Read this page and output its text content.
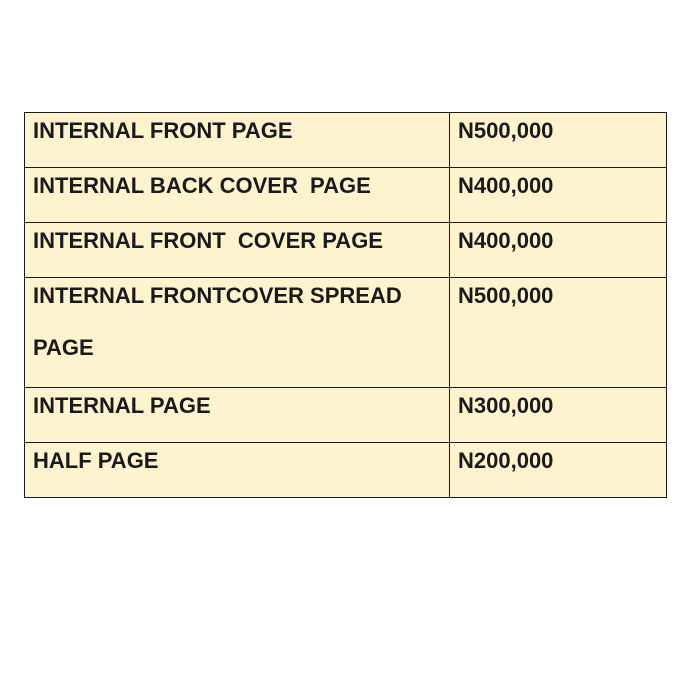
INTERNAL FRONT PAGE	N500,000

INTERNAL BACK COVER  PAGE	N400,000

INTERNAL FRONT  COVER PAGE	N400,000

INTERNAL FRONTCOVER SPREAD PAGE	N500,000

INTERNAL PAGE	N300,000

HALF PAGE	N200,000
